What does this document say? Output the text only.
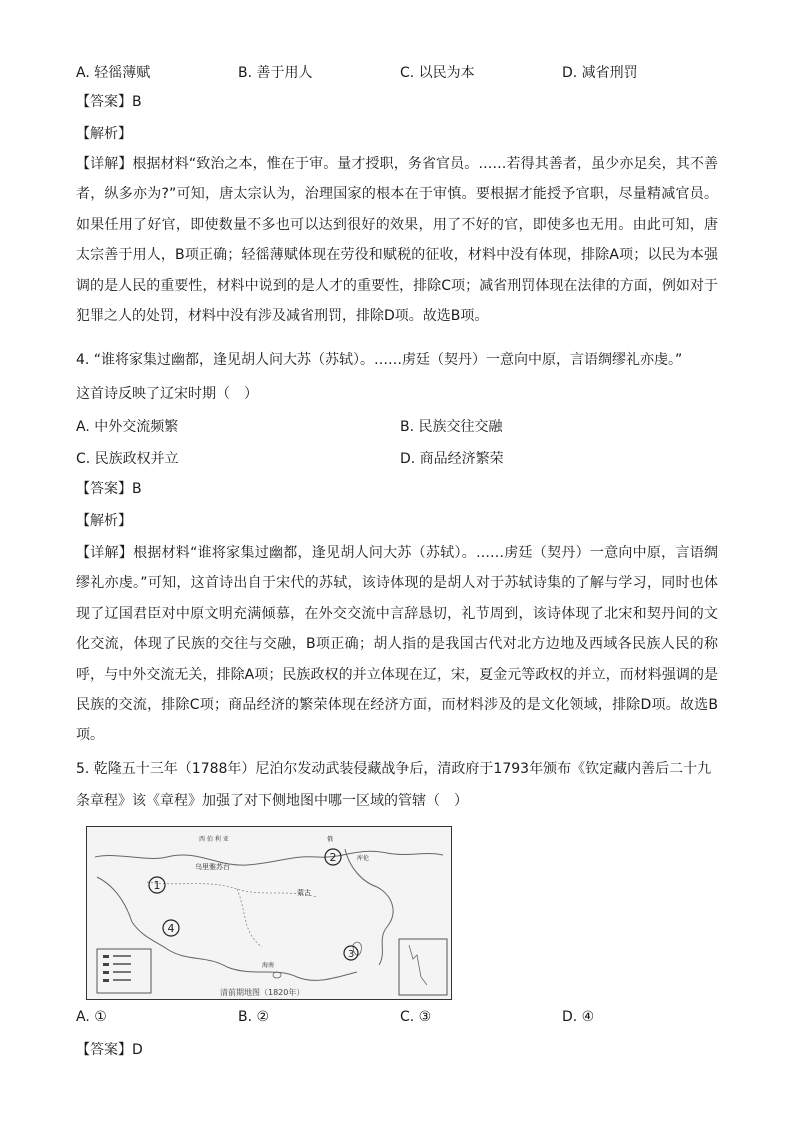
A. 轻徭薄赋	B. 善于用人	C. 以民为本	D. 减省刑罚
【答案】B
【解析】
【详解】根据材料“致治之本，惟在于审。量才授职，务省官员。……若得其善者，虽少亦足矣，其不善者，纵多亦为?”可知，唐太宗认为，治理国家的根本在于审慎。要根据才能授予官职，尽量精减官员。如果任用了好官，即使数量不多也可以达到很好的效果，用了不好的官，即使多也无用。由此可知，唐太宗善于用人，B项正确；轻徭薄赋体现在劳役和赋税的征收，材料中没有体现，排除A项；以民为本强调的是人民的重要性，材料中说到的是人才的重要性，排除C项；减省刑罚体现在法律的方面，例如对于犯罪之人的处罚，材料中没有涉及减省刑罚，排除D项。故选B项。
4. “谁将家集过幽都，逢见胡人问大苏（苏轼）。……虏廷（契丹）一意向中原，言语绸缪礼亦虔。”
这首诗反映了辽宋时期（　）
A. 中外交流频繁	B. 民族交往交融
C. 民族政权并立	D. 商品经济繁荣
【答案】B
【解析】
【详解】根据材料“谁将家集过幽都，逢见胡人问大苏（苏轼）。……虏廷（契丹）一意向中原，言语绸缪礼亦虔。”可知，这首诗出自于宋代的苏轼，该诗体现的是胡人对于苏轼诗集的了解与学习，同时也体现了辽国君臣对中原文明充满倾慕，在外交交流中言辞恳切，礼节周到，该诗体现了北宋和契丹间的文化交流，体现了民族的交往与交融，B项正确；胡人指的是我国古代对北方边地及西域各民族人民的称呼，与中外交流无关，排除A项；民族政权的并立体现在辽，宋，夏金元等政权的并立，而材料强调的是民族的交流，排除C项；商品经济的繁荣体现在经济方面，而材料涉及的是文化领域，排除D项。故选B项。
5. 乾隆五十三年（1788年）尼泊尔发动武装侵藏战争后，清政府于1793年颁布《钦定藏内善后二十九
条章程》该《章程》加强了对下侧地图中哪一区域的管辖（　）
西 伯 利 亚	俄
乌里雅苏台
库伦
蒙古
海南
1
2
3
4
清前期地图（1820年）
A. ①	B. ②	C. ③	D. ④
【答案】D
